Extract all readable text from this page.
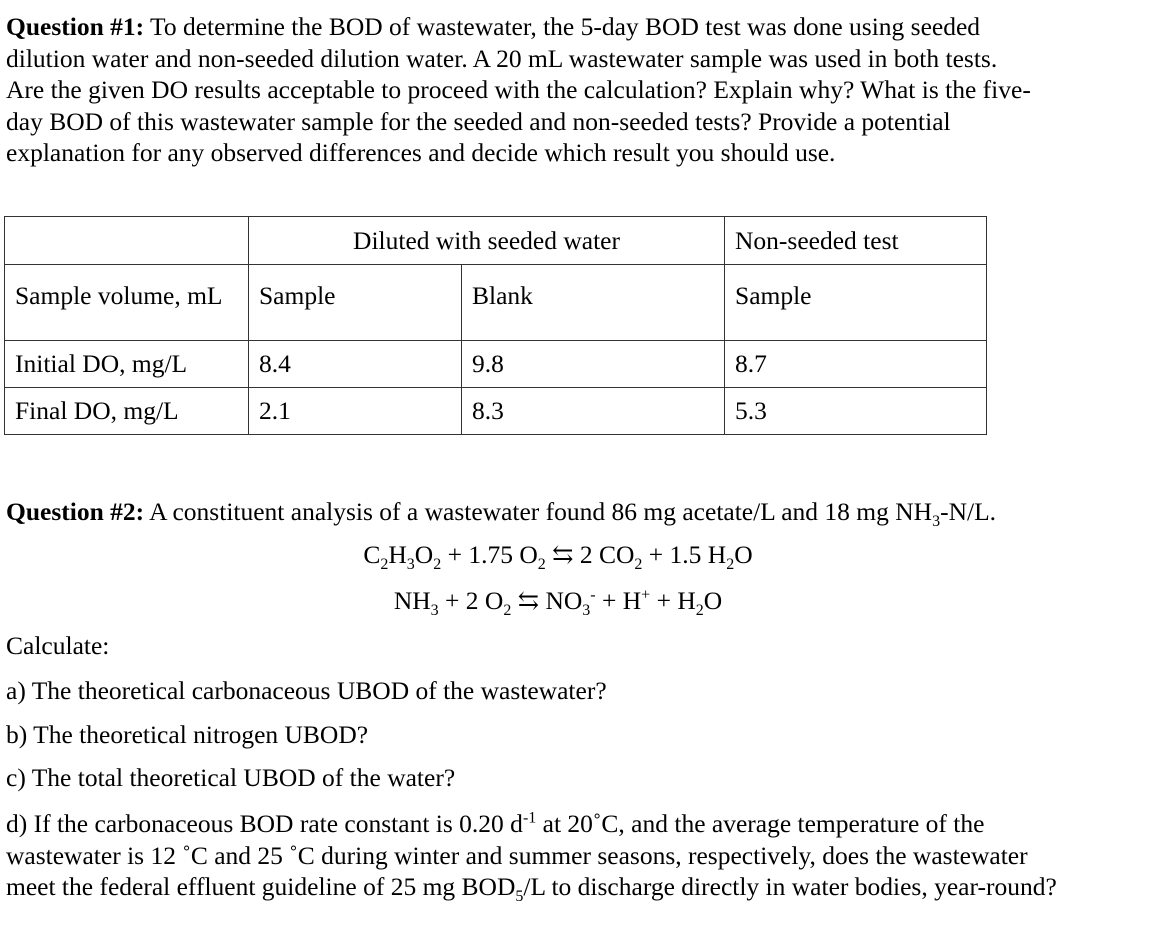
Question #1: To determine the BOD of wastewater, the 5-day BOD test was done using seeded
dilution water and non-seeded dilution water. A 20 mL wastewater sample was used in both tests.
Are the given DO results acceptable to proceed with the calculation? Explain why? What is the five-
day BOD of this wastewater sample for the seeded and non-seeded tests? Provide a potential
explanation for any observed differences and decide which result you should use.
	Diluted with seeded water		Non-seeded test
Sample volume, mL	Sample	Blank	Sample
Initial DO, mg/L	8.4	9.8	8.7
Final DO, mg/L	2.1	8.3	5.3
Question #2: A constituent analysis of a wastewater found 86 mg acetate/L and 18 mg $NH_3-N/L$.
$C_2H_3O_2 + 1.75$ $O_2$ ⇆ 2 $CO_2 + 1.5$ $H_2O$
$NH_3 + 2$ $O_2$ ⇆ $NO_3^- + H^+ + H_2O$
Calculate:
a) The theoretical carbonaceous UBOD of the wastewater?
b) The theoretical nitrogen UBOD?
c) The total theoretical UBOD of the water?
d) If the carbonaceous BOD rate constant is 0.20 $d^{-1}$ at 20˚C, and the average temperature of the
wastewater is 12 ˚C and 25 ˚C during winter and summer seasons, respectively, does the wastewater
meet the federal effluent guideline of 25 mg $BOD_5/L$ to discharge directly in water bodies, year-round?
